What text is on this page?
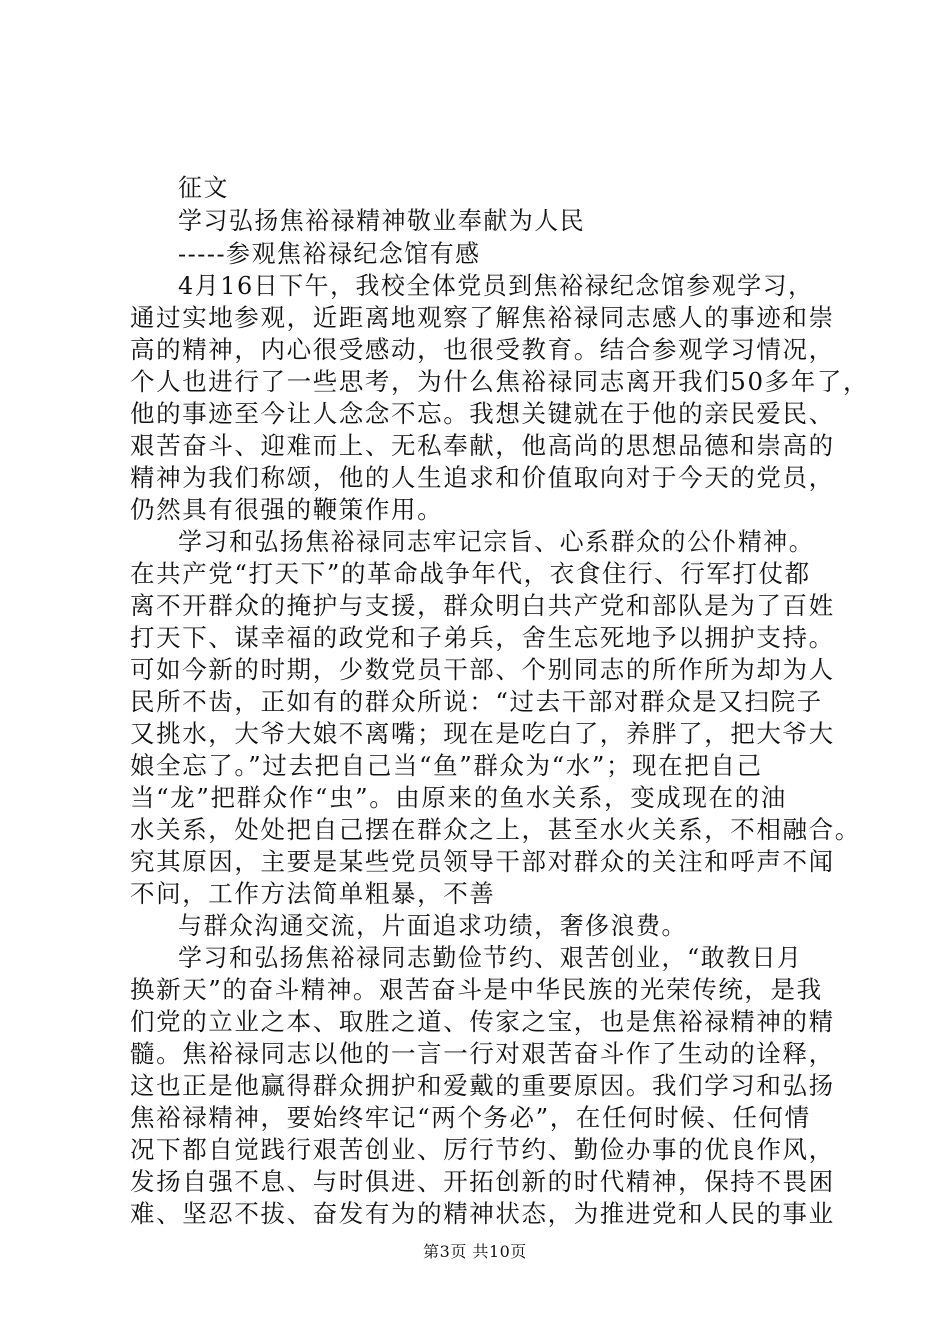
征文
学习弘扬焦裕禄精神敬业奉献为人民
-----参观焦裕禄纪念馆有感
4月16日下午，我校全体党员到焦裕禄纪念馆参观学习，
通过实地参观，近距离地观察了解焦裕禄同志感人的事迹和崇
高的精神，内心很受感动，也很受教育。结合参观学习情况，
个人也进行了一些思考，为什么焦裕禄同志离开我们50多年了，
他的事迹至今让人念念不忘。我想关键就在于他的亲民爱民、
艰苦奋斗、迎难而上、无私奉献，他高尚的思想品德和崇高的
精神为我们称颂，他的人生追求和价值取向对于今天的党员，
仍然具有很强的鞭策作用。
学习和弘扬焦裕禄同志牢记宗旨、心系群众的公仆精神。
在共产党“打天下”的革命战争年代，衣食住行、行军打仗都
离不开群众的掩护与支援，群众明白共产党和部队是为了百姓
打天下、谋幸福的政党和子弟兵，舍生忘死地予以拥护支持。
可如今新的时期，少数党员干部、个别同志的所作所为却为人
民所不齿，正如有的群众所说：“过去干部对群众是又扫院子
又挑水，大爷大娘不离嘴；现在是吃白了，养胖了，把大爷大
娘全忘了。”过去把自己当“鱼”群众为“水”；现在把自己
当“龙”把群众作“虫”。由原来的鱼水关系，变成现在的油
水关系，处处把自己摆在群众之上，甚至水火关系，不相融合。
究其原因，主要是某些党员领导干部对群众的关注和呼声不闻
不问，工作方法简单粗暴，不善
与群众沟通交流，片面追求功绩，奢侈浪费。
学习和弘扬焦裕禄同志勤俭节约、艰苦创业，“敢教日月
换新天”的奋斗精神。艰苦奋斗是中华民族的光荣传统，是我
们党的立业之本、取胜之道、传家之宝，也是焦裕禄精神的精
髓。焦裕禄同志以他的一言一行对艰苦奋斗作了生动的诠释，
这也正是他赢得群众拥护和爱戴的重要原因。我们学习和弘扬
焦裕禄精神，要始终牢记“两个务必”，在任何时候、任何情
况下都自觉践行艰苦创业、厉行节约、勤俭办事的优良作风，
发扬自强不息、与时俱进、开拓创新的时代精神，保持不畏困
难、坚忍不拔、奋发有为的精神状态，为推进党和人民的事业
第3页 共10页
